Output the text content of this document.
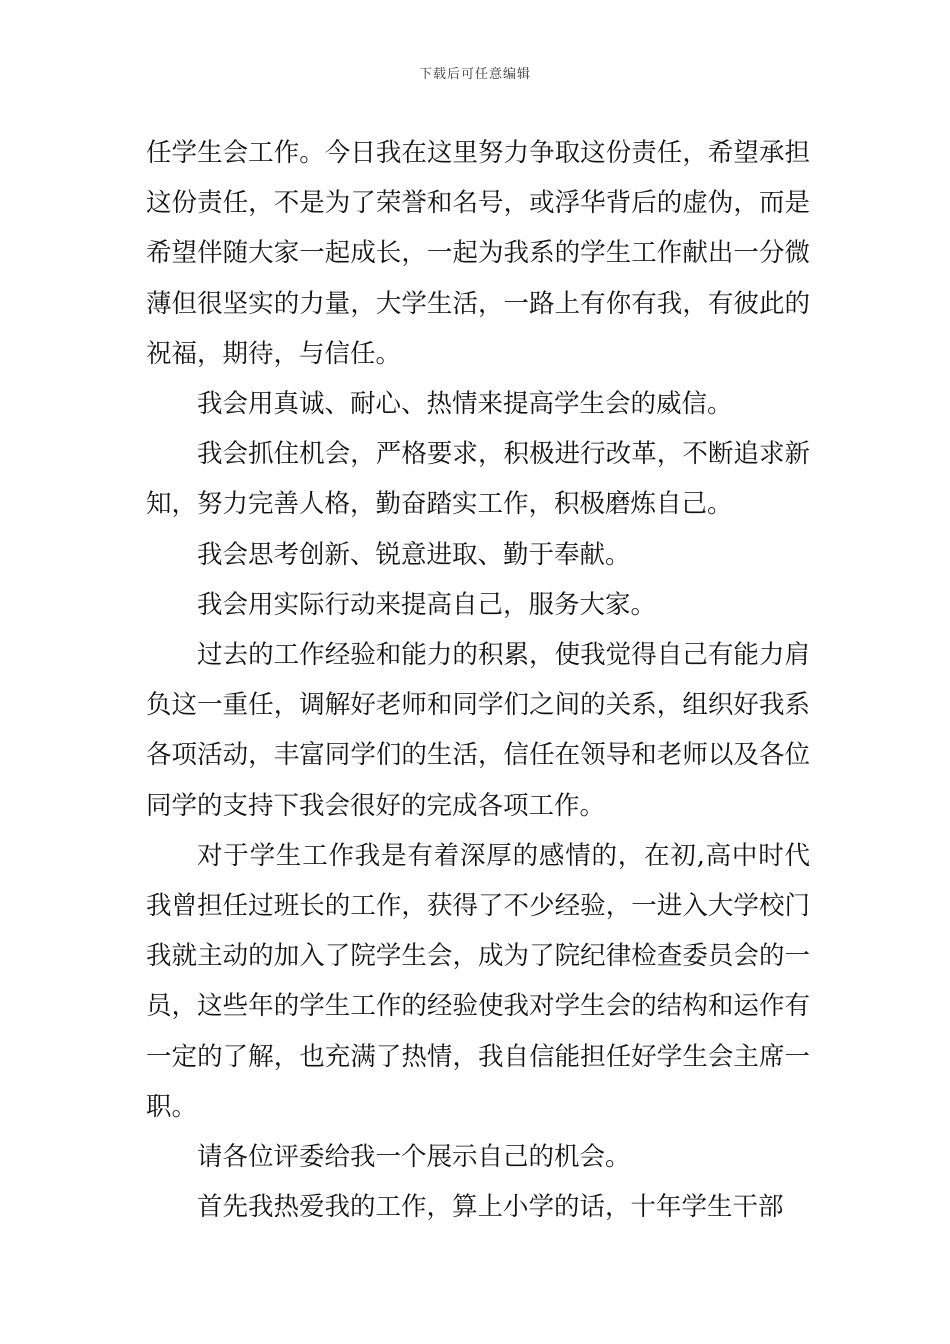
下载后可任意编辑

任学生会工作。今日我在这里努力争取这份责任，希望承担这份责任，不是为了荣誉和名号，或浮华背后的虚伪，而是希望伴随大家一起成长，一起为我系的学生工作献出一分微薄但很坚实的力量，大学生活，一路上有你有我，有彼此的祝福，期待，与信任。

我会用真诚、耐心、热情来提高学生会的威信。

我会抓住机会，严格要求，积极进行改革，不断追求新知，努力完善人格，勤奋踏实工作，积极磨炼自己。

我会思考创新、锐意进取、勤于奉献。

我会用实际行动来提高自己，服务大家。

过去的工作经验和能力的积累，使我觉得自己有能力肩负这一重任，调解好老师和同学们之间的关系，组织好我系各项活动，丰富同学们的生活，信任在领导和老师以及各位同学的支持下我会很好的完成各项工作。

对于学生工作我是有着深厚的感情的，在初,高中时代我曾担任过班长的工作，获得了不少经验，一进入大学校门我就主动的加入了院学生会，成为了院纪律检查委员会的一员，这些年的学生工作的经验使我对学生会的结构和运作有一定的了解，也充满了热情，我自信能担任好学生会主席一职。

请各位评委给我一个展示自己的机会。

首先我热爱我的工作，算上小学的话，十年学生干部
